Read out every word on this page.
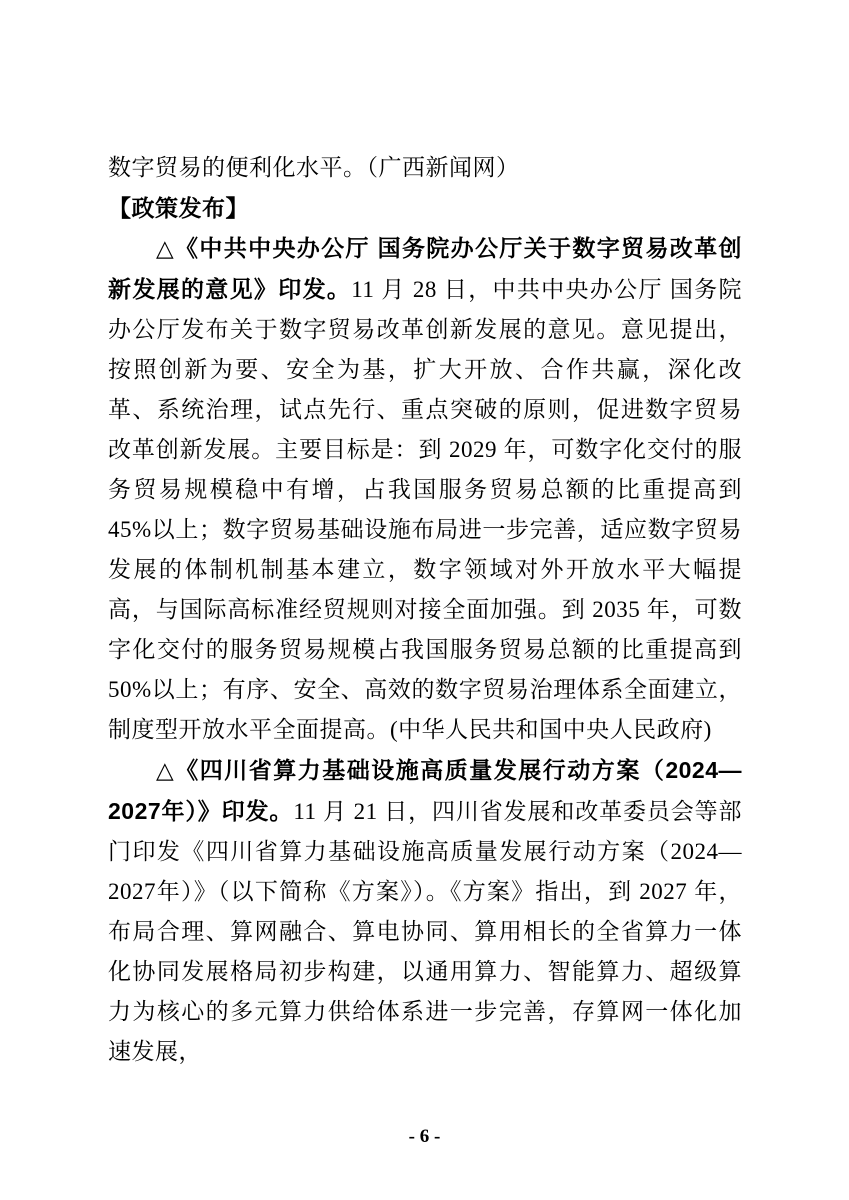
数字贸易的便利化水平。（广西新闻网）

【政策发布】

△《中共中央办公厅 国务院办公厅关于数字贸易改革创新发展的意见》印发。11 月 28 日，中共中央办公厅 国务院办公厅发布关于数字贸易改革创新发展的意见。意见提出，按照创新为要、安全为基，扩大开放、合作共赢，深化改革、系统治理，试点先行、重点突破的原则，促进数字贸易改革创新发展。主要目标是：到 2029 年，可数字化交付的服务贸易规模稳中有增，占我国服务贸易总额的比重提高到 45%以上；数字贸易基础设施布局进一步完善，适应数字贸易发展的体制机制基本建立，数字领域对外开放水平大幅提高，与国际高标准经贸规则对接全面加强。到 2035 年，可数字化交付的服务贸易规模占我国服务贸易总额的比重提高到 50%以上；有序、安全、高效的数字贸易治理体系全面建立，制度型开放水平全面提高。(中华人民共和国中央人民政府)

△《四川省算力基础设施高质量发展行动方案（2024—2027年）》印发。11 月 21 日，四川省发展和改革委员会等部门印发《四川省算力基础设施高质量发展行动方案（2024—2027年）》（以下简称《方案》）。《方案》指出，到 2027 年，布局合理、算网融合、算电协同、算用相长的全省算力一体化协同发展格局初步构建，以通用算力、智能算力、超级算力为核心的多元算力供给体系进一步完善，存算网一体化加速发展，

- 6 -
